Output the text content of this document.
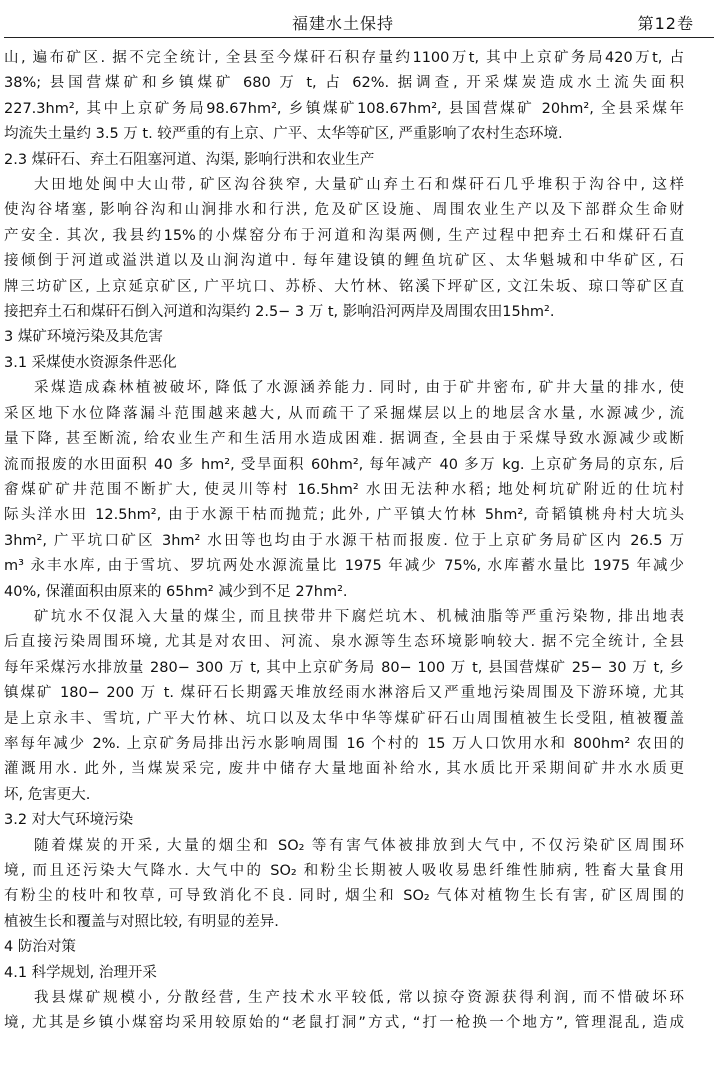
福建水土保持	第12卷
山, 遍布矿区. 据不完全统计, 全县至今煤矸石积存量约1100万t, 其中上京矿务局420万t, 占
38%; 县国营煤矿和乡镇煤矿 680 万 t, 占 62%. 据调查, 开采煤炭造成水土流失面积
227.3hm², 其中上京矿务局98.67hm², 乡镇煤矿108.67hm², 县国营煤矿 20hm², 全县采煤年
均流失土量约 3.5 万 t. 较严重的有上京、广平、太华等矿区, 严重影响了农村生态环境.
2.3 煤矸石、弃土石阻塞河道、沟渠, 影响行洪和农业生产
大田地处闽中大山带, 矿区沟谷狭窄, 大量矿山弃土石和煤矸石几乎堆积于沟谷中, 这样
使沟谷堵塞, 影响谷沟和山涧排水和行洪, 危及矿区设施、周围农业生产以及下部群众生命财
产安全. 其次, 我县约15%的小煤窑分布于河道和沟渠两侧, 生产过程中把弃土石和煤矸石直
接倾倒于河道或溢洪道以及山涧沟道中. 每年建设镇的鲤鱼坑矿区、太华魁城和中华矿区, 石
牌三坊矿区, 上京延京矿区, 广平坑口、苏桥、大竹林、铭溪下坪矿区, 文江朱坂、琼口等矿区直
接把弃土石和煤矸石倒入河道和沟渠约 2.5− 3 万 t, 影响沿河两岸及周围农田15hm².
3 煤矿环境污染及其危害
3.1 采煤使水资源条件恶化
采煤造成森林植被破坏, 降低了水源涵养能力. 同时, 由于矿井密布, 矿井大量的排水, 使
采区地下水位降落漏斗范围越来越大, 从而疏干了采掘煤层以上的地层含水量, 水源减少, 流
量下降, 甚至断流, 给农业生产和生活用水造成困难. 据调查, 全县由于采煤导致水源减少或断
流而报废的水田面积 40 多 hm², 受旱面积 60hm², 每年减产 40 多万 kg. 上京矿务局的京东, 后
畲煤矿矿井范围不断扩大, 使灵川等村 16.5hm² 水田无法种水稻; 地处柯坑矿附近的仕坑村
际头洋水田 12.5hm², 由于水源干枯而抛荒; 此外, 广平镇大竹林 5hm², 奇韬镇桃舟村大坑头
3hm², 广平坑口矿区 3hm² 水田等也均由于水源干枯而报废. 位于上京矿务局矿区内 26.5 万
m³ 永丰水库, 由于雪坑、罗坑两处水源流量比 1975 年减少 75%, 水库蓄水量比 1975 年减少
40%, 保灌面积由原来的 65hm² 减少到不足 27hm².
矿坑水不仅混入大量的煤尘, 而且挟带井下腐烂坑木、机械油脂等严重污染物, 排出地表
后直接污染周围环境, 尤其是对农田、河流、泉水源等生态环境影响较大. 据不完全统计, 全县
每年采煤污水排放量 280− 300 万 t, 其中上京矿务局 80− 100 万 t, 县国营煤矿 25− 30 万 t, 乡
镇煤矿 180− 200 万 t. 煤矸石长期露天堆放经雨水淋溶后又严重地污染周围及下游环境, 尤其
是上京永丰、雪坑, 广平大竹林、坑口以及太华中华等煤矿矸石山周围植被生长受阻, 植被覆盖
率每年减少 2%. 上京矿务局排出污水影响周围 16 个村的 15 万人口饮用水和 800hm² 农田的
灌溉用水. 此外, 当煤炭采完, 废井中储存大量地面补给水, 其水质比开采期间矿井水水质更
坏, 危害更大.
3.2 对大气环境污染
随着煤炭的开采, 大量的烟尘和 SO₂ 等有害气体被排放到大气中, 不仅污染矿区周围环
境, 而且还污染大气降水. 大气中的 SO₂ 和粉尘长期被人吸收易患纤维性肺病, 牲畜大量食用
有粉尘的枝叶和牧草, 可导致消化不良. 同时, 烟尘和 SO₂ 气体对植物生长有害, 矿区周围的
植被生长和覆盖与对照比较, 有明显的差异.
4 防治对策
4.1 科学规划, 治理开采
我县煤矿规模小, 分散经营, 生产技术水平较低, 常以掠夺资源获得利润, 而不惜破坏环
境, 尤其是乡镇小煤窑均采用较原始的“老鼠打洞”方式, “打一枪换一个地方”, 管理混乱, 造成
